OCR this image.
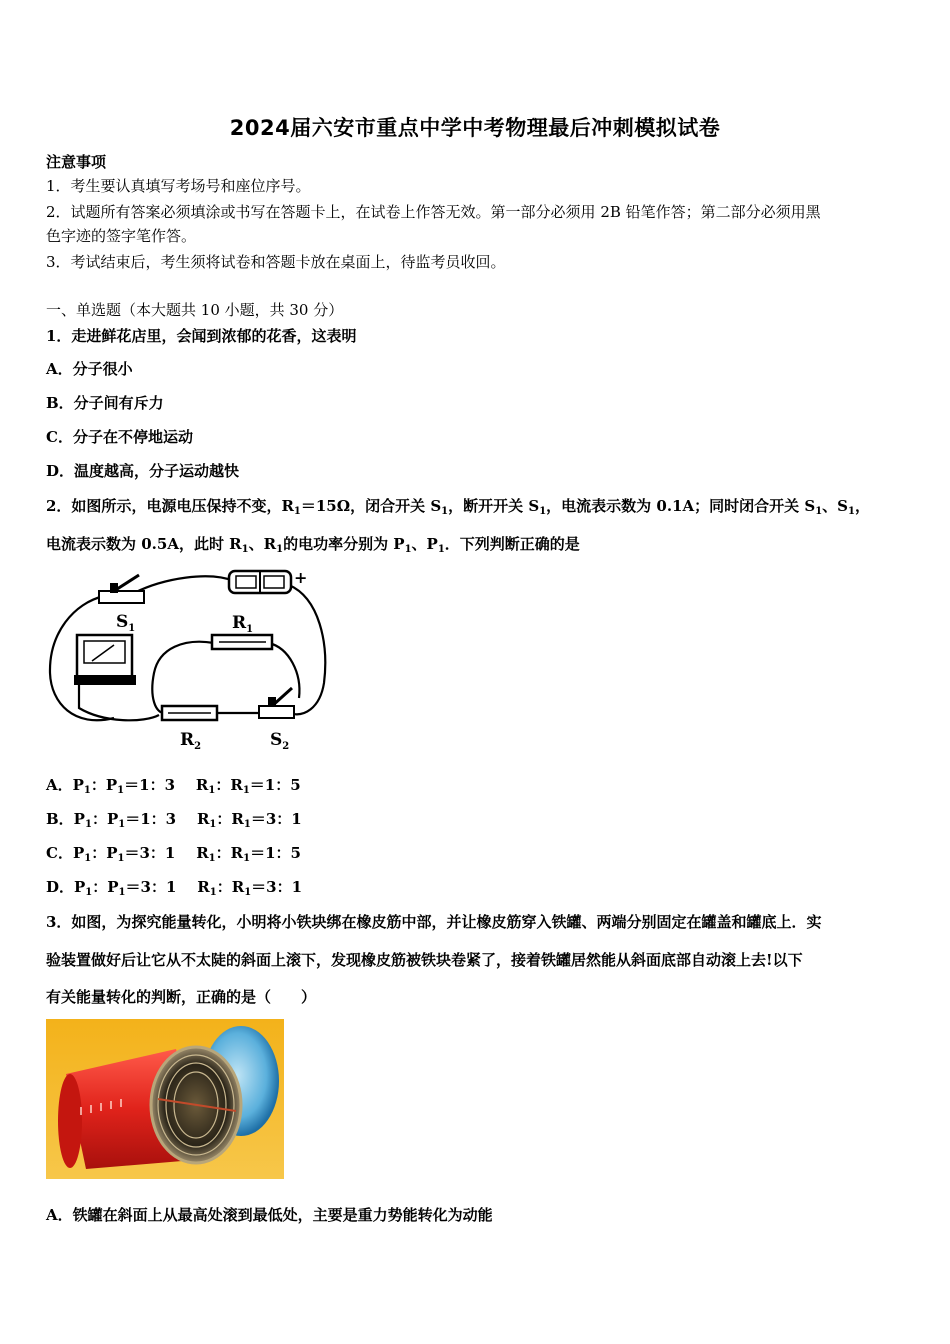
2024届六安市重点中学中考物理最后冲刺模拟试卷
注意事项
1．考生要认真填写考场号和座位序号。
2．试题所有答案必须填涂或书写在答题卡上，在试卷上作答无效。第一部分必须用 2B 铅笔作答；第二部分必须用黑
色字迹的签字笔作答。
3．考试结束后，考生须将试卷和答题卡放在桌面上，待监考员收回。
一、单选题（本大题共 10 小题，共 30 分）
1．走进鲜花店里，会闻到浓郁的花香，这表明
A．分子很小
B．分子间有斥力
C．分子在不停地运动
D．温度越高，分子运动越快
2．如图所示，电源电压保持不变，$R_1=15\Omega$，闭合开关 $S_1$，断开开关 $S_1$，电流表示数为 0.1A；同时闭合开关 $S_1$、$S_1$，
电流表示数为 0.5A，此时 $R_1$、$R_1$的电功率分别为 $P_1$、$P_1$．下列判断正确的是
$S_1$	$R_1$
$R_2$	$S_2$
+
A．$P_1$：$P_1=1$：3 $R_1$：$R_1=1$：5
B．$P_1$：$P_1=1$：3 $R_1$：$R_1=3$：1
C．$P_1$：$P_1=3$：1 $R_1$：$R_1=1$：5
D．$P_1$：$P_1=3$：1 $R_1$：$R_1=3$：1
3．如图，为探究能量转化，小明将小铁块绑在橡皮筋中部，并让橡皮筋穿入铁罐、两端分别固定在罐盖和罐底上．实
验装置做好后让它从不太陡的斜面上滚下，发现橡皮筋被铁块卷紧了，接着铁罐居然能从斜面底部自动滚上去!以下
有关能量转化的判断，正确的是（　　）
A．铁罐在斜面上从最高处滚到最低处，主要是重力势能转化为动能
